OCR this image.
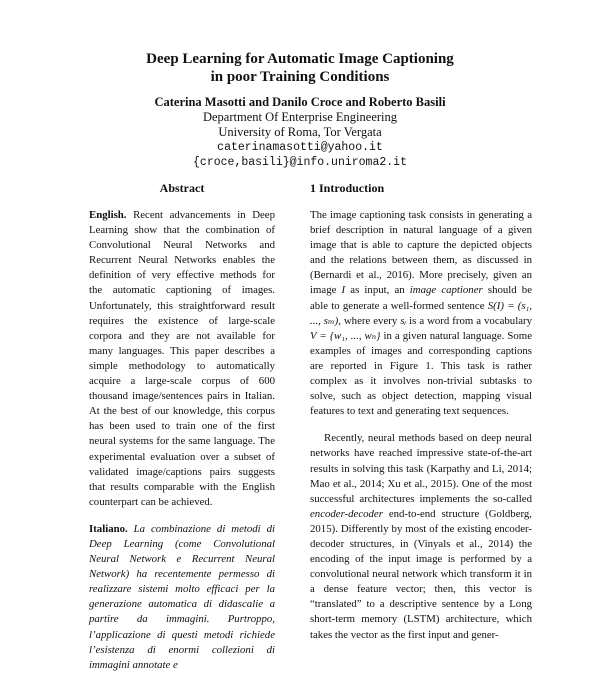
Deep Learning for Automatic Image Captioning
in poor Training Conditions
Caterina Masotti and Danilo Croce and Roberto Basili
Department Of Enterprise Engineering
University of Roma, Tor Vergata
caterinamasotti@yahoo.it
{croce,basili}@info.uniroma2.it
Abstract

English. Recent advancements in Deep Learning show that the combination of Convolutional Neural Networks and Recurrent Neural Networks enables the definition of very effective methods for the automatic captioning of images. Unfortunately, this straightforward result requires the existence of large-scale corpora and they are not available for many languages. This paper describes a simple methodology to automatically acquire a large-scale corpus of 600 thousand image/sentences pairs in Italian. At the best of our knowledge, this corpus has been used to train one of the first neural systems for the same language. The experimental evaluation over a subset of validated image/captions pairs suggests that results comparable with the English counterpart can be achieved.

Italiano. La combinazione di metodi di Deep Learning (come Convolutional Neural Network e Recurrent Neural Network) ha recentemente permesso di realizzare sistemi molto efficaci per la generazione automatica di didascalie a partire da immagini. Purtroppo, l’applicazione di questi metodi richiede l’esistenza di enormi collezioni di immagini annotate e

1 Introduction

The image captioning task consists in generating a brief description in natural language of a given image that is able to capture the depicted objects and the relations between them, as discussed in (Bernardi et al., 2016). More precisely, given an image I as input, an image captioner should be able to generate a well-formed sentence S(I) = (s₁, ..., sₘ), where every sᵢ is a word from a vocabulary V = {w₁, ..., wₙ} in a given natural language. Some examples of images and corresponding captions are reported in Figure 1. This task is rather complex as it involves non-trivial subtasks to solve, such as object detection, mapping visual features to text and generating text sequences.

Recently, neural methods based on deep neural networks have reached impressive state-of-the-art results in solving this task (Karpathy and Li, 2014; Mao et al., 2014; Xu et al., 2015). One of the most successful architectures implements the so-called encoder-decoder end-to-end structure (Goldberg, 2015). Differently by most of the existing encoder-decoder structures, in (Vinyals et al., 2014) the encoding of the input image is performed by a convolutional neural network which transform it in a dense feature vector; then, this vector is “translated” to a descriptive sentence by a Long short-term memory (LSTM) architecture, which takes the vector as the first input and gener-
